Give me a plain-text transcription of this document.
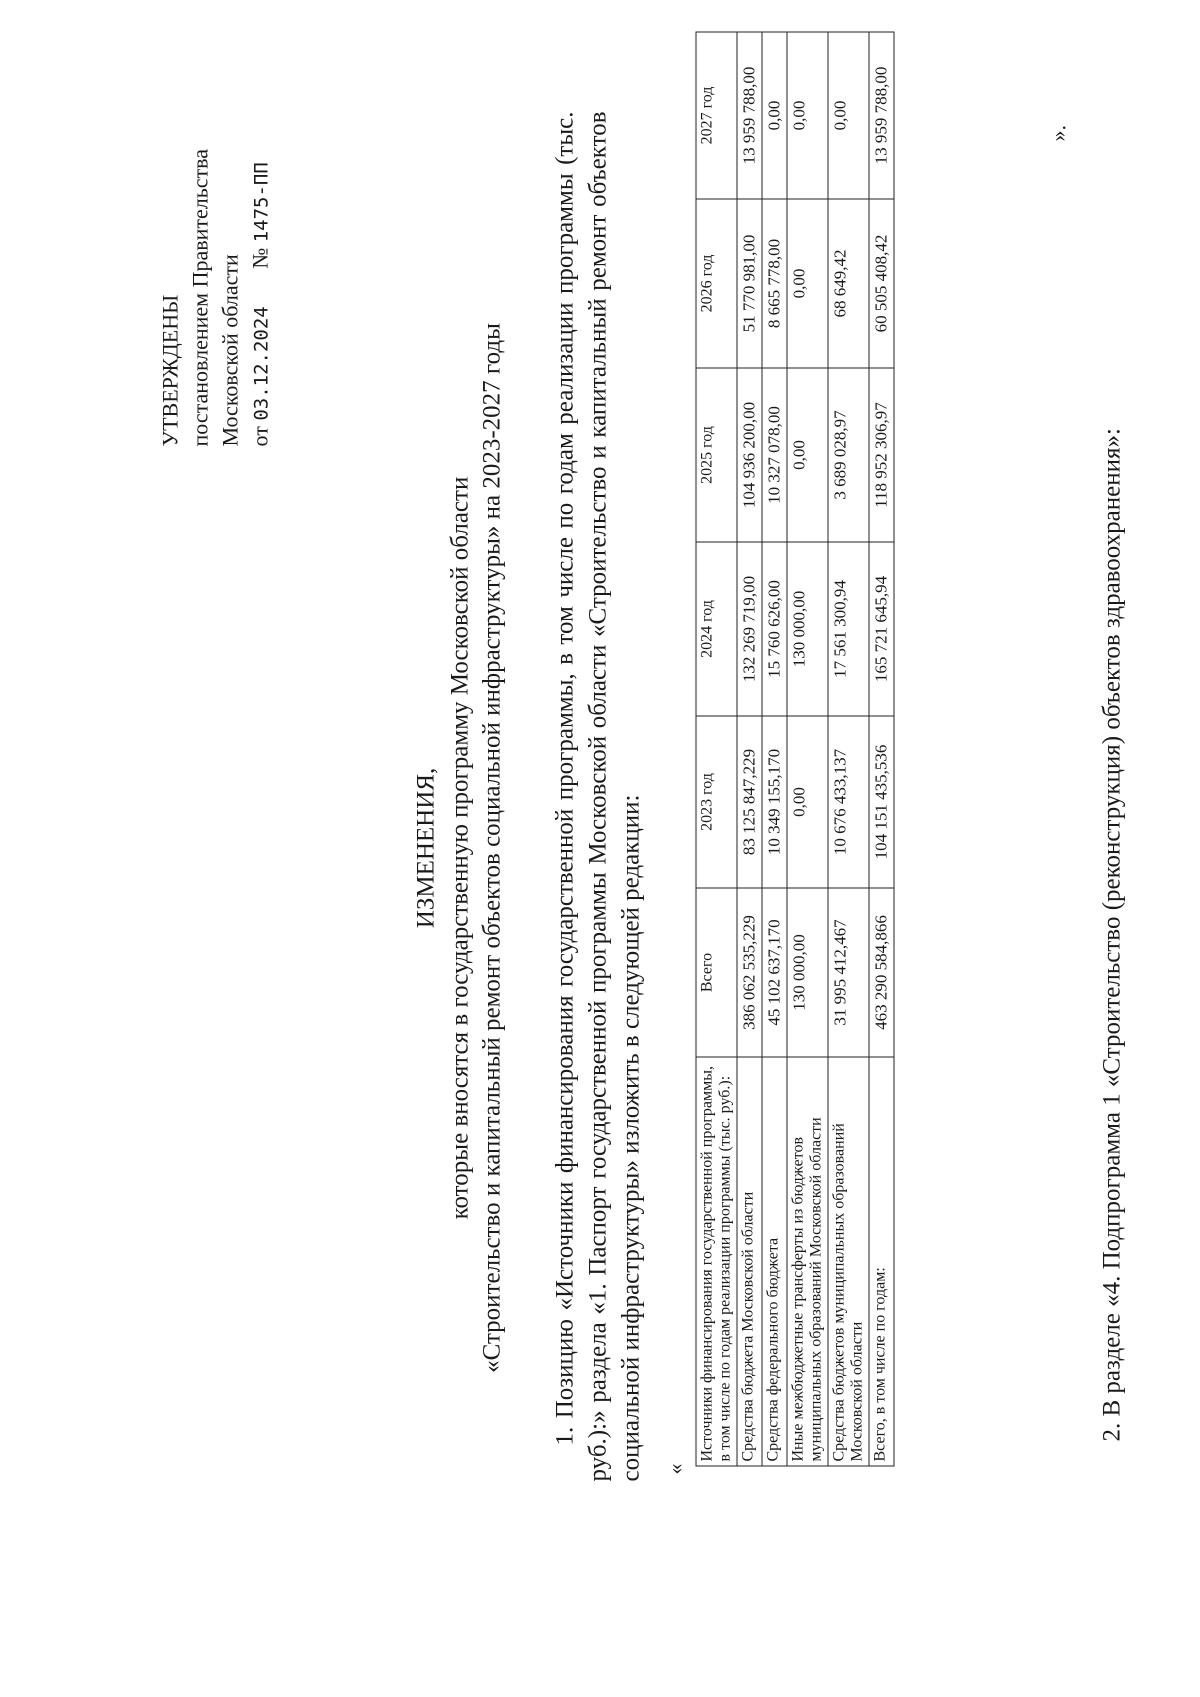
УТВЕРЖДЕНЫ постановлением Правительства Московской области от 03.12.2024 № 1475-ПП
ИЗМЕНЕНИЯ, которые вносятся в государственную программу Московской области «Строительство и капитальный ремонт объектов социальной инфраструктуры» на 2023-2027 годы 1. Позицию «Источники финансирования государственной программы, в том числе по годам реализации программы (тыс. руб.):» раздела «1. Паспорт государственной программы Московской области «Строительство и капитальный ремонт объектов социальной инфраструктуры» изложить в следующей редакции: «
Источники финансирования государственной программы, в том числе по годам реализации программы (тыс. руб.):	Всего	2023 год	2024 год	2025 год	2026 год	2027 год
Средства бюджета Московской области	386 062 535,229	83 125 847,229	132 269 719,00	104 936 200,00	51 770 981,00	13 959 788,00
Средства федерального бюджета	45 102 637,170	10 349 155,170	15 760 626,00	10 327 078,00	8 665 778,00	0,00
Иные межбюджетные трансферты из бюджетов муниципальных образований Московской области	130 000,00	0,00	130 000,00	0,00	0,00	0,00
Средства бюджетов муниципальных образований Московской области	31 995 412,467	10 676 433,137	17 561 300,94	3 689 028,97	68 649,42	0,00
Всего, в том числе по годам:	463 290 584,866	104 151 435,536	165 721 645,94	118 952 306,97	60 505 408,42	13 959 788,00	».
2. В разделе «4. Подпрограмма 1 «Строительство (реконструкция) объектов здравоохранения»:
